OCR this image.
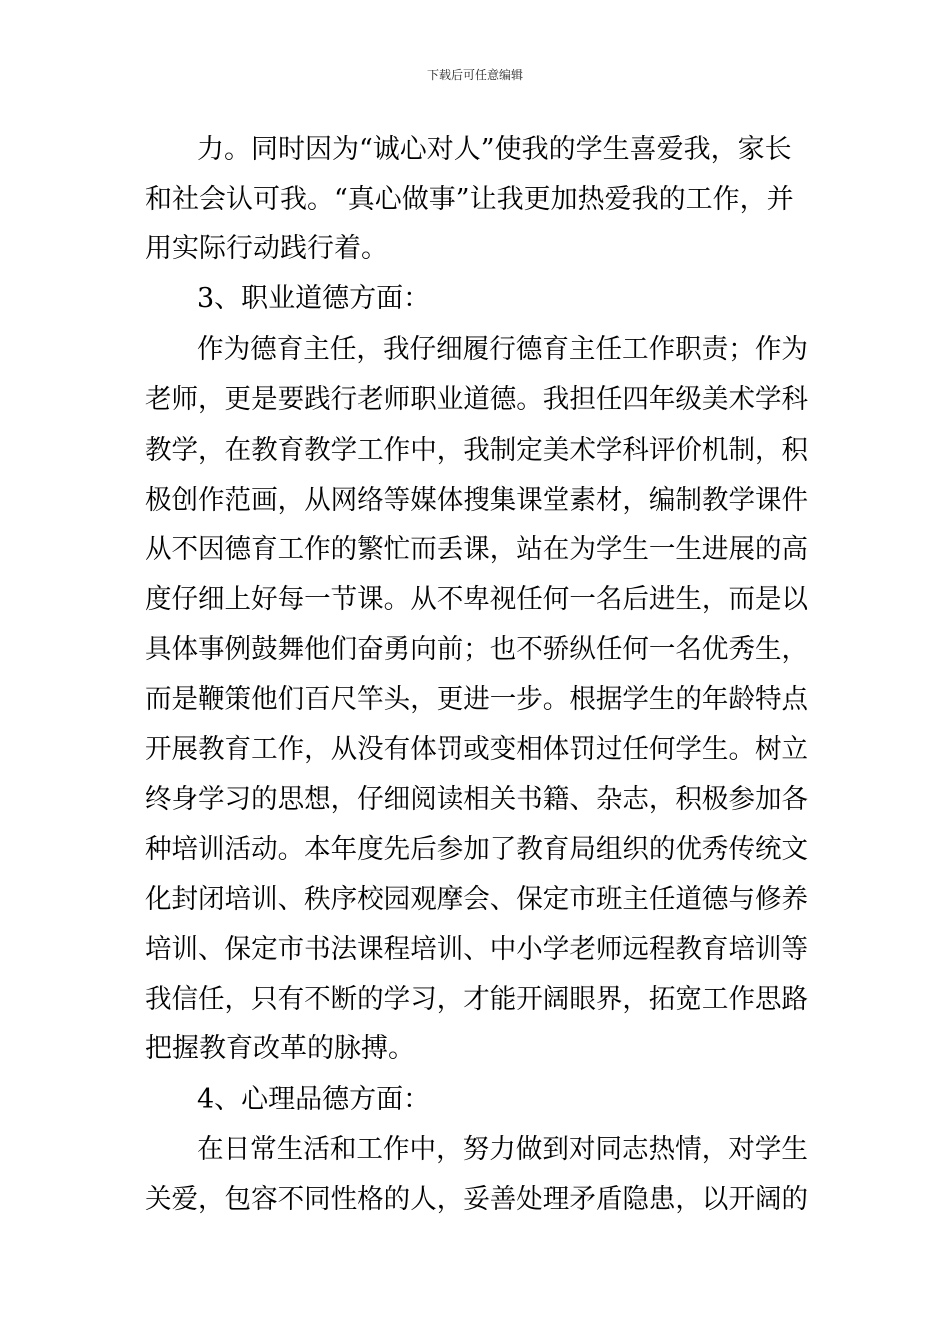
下载后可任意编辑
力。同时因为“诚心对人”使我的学生喜爱我，家长
和社会认可我。“真心做事”让我更加热爱我的工作，并
用实际行动践行着。
3、职业道德方面：
作为德育主任，我仔细履行德育主任工作职责；作为
老师，更是要践行老师职业道德。我担任四年级美术学科
教学，在教育教学工作中，我制定美术学科评价机制，积
极创作范画，从网络等媒体搜集课堂素材，编制教学课件
从不因德育工作的繁忙而丢课，站在为学生一生进展的高
度仔细上好每一节课。从不卑视任何一名后进生，而是以
具体事例鼓舞他们奋勇向前；也不骄纵任何一名优秀生，
而是鞭策他们百尺竿头，更进一步。根据学生的年龄特点
开展教育工作，从没有体罚或变相体罚过任何学生。树立
终身学习的思想，仔细阅读相关书籍、杂志，积极参加各
种培训活动。本年度先后参加了教育局组织的优秀传统文
化封闭培训、秩序校园观摩会、保定市班主任道德与修养
培训、保定市书法课程培训、中小学老师远程教育培训等
我信任，只有不断的学习，才能开阔眼界，拓宽工作思路
把握教育改革的脉搏。
4、心理品德方面：
在日常生活和工作中，努力做到对同志热情，对学生
关爱，包容不同性格的人，妥善处理矛盾隐患，以开阔的
